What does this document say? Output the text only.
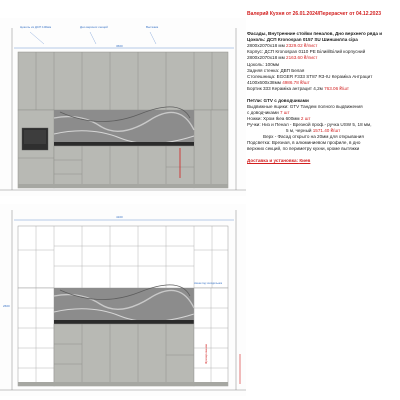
Валерий Кухня от 26.01.2024/Перерасчет от 04.12.2023
Цоколь из ДСП 100мм	Дно верхних секций	Вытяжка
3600
Фасады, Внутренние стойки пеналов, Дно верхнего ряда и
Цоколь: ДСП Кronospan 0157 SU Шиншилла сіра
2800х2070х18 мм 2329.02 ₴/лист
Корпус: ДСП Кronospan 0110 PE Білий/Білий корпусний
2800х2070х18 мм 2163.60 ₴/лист
Цоколь: 100мм
Задняя стенка: ДВП Белая
Столешница: EGGER F333 ST87 R3-IU Кераміка Антрацит
4100х600х38мм 4986.78 ₴/шт
Бортик 333 Кераміка антрацит 4,2м 763.06 ₴/шт
Петли: GTV с доводчиками
Выдвижные ящики: GTV Тандем полного выдвижения
с доводчиками 7 шт
Ножки: Хром Ikea 600мм 2 шт
Ручки: Низ и Пенал - Врезной проф.- ручка USW 5, 18 мм,
5 м, черный 1571.40 ₴/шт
Верх - Фасад открыто на 20мм для открывания
Подсветка: Врезная, в алюминиевом профиле, в дно
верхних секций, по периметру кухни, кроме вытяжки
Доставка и установка: Киев
2600
4100
Ниша под холодильник
Фрезерование
